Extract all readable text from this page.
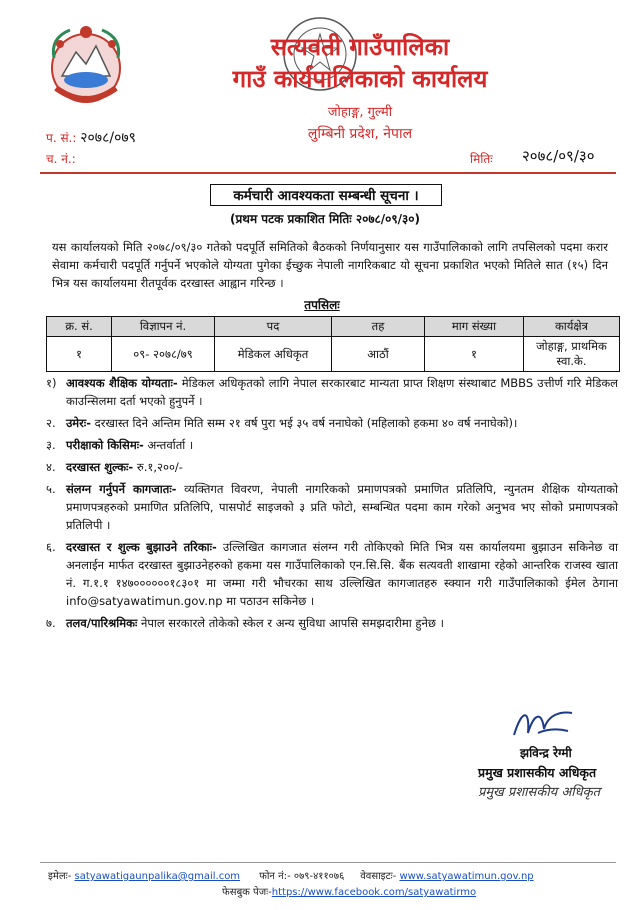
सत्यवती गाउँपालिका
गाउँ कार्यपालिकाको कार्यालय
जोहाङ्ग, गुल्मी
लुम्बिनी प्रदेश, नेपाल
प. सं.: २०७८/०७९
च. नं.:	मितिः २०७८/०९/३०
कर्मचारी आवश्यकता सम्बन्धी सूचना ।
(प्रथम पटक प्रकाशित मितिः २०७८/०९/३०)
यस कार्यालयको मिति २०७८/०९/३० गतेको पदपूर्ति समितिको बैठकको निर्णयानुसार यस गाउँपालिकाको लागि तपसिलको पदमा करार सेवामा कर्मचारी पदपूर्ति गर्नुपर्ने भएकोले योग्यता पुगेका ईच्छुक नेपाली नागरिकबाट यो सूचना प्रकाशित भएको मितिले सात (१५) दिन भित्र यस कार्यालयमा रीतपूर्वक दरखास्त आह्वान गरिन्छ ।
तपसिलः
क्र. सं.	विज्ञापन नं.	पद	तह	माग संख्या	कार्यक्षेत्र
१	०९- २०७८/७९	मेडिकल अधिकृत	आठौं	१	जोहाङ्ग, प्राथमिक स्वा.के.
१) आवश्यक शैक्षिक योग्यताः- मेडिकल अधिकृतको लागि नेपाल सरकारबाट मान्यता प्राप्त शिक्षण संस्थाबाट MBBS उत्तीर्ण गरि मेडिकल काउन्सिलमा दर्ता भएको हुनुपर्ने ।
२. उमेरः- दरखास्त दिने अन्तिम मिति सम्म २१ वर्ष पुरा भई ३५ वर्ष ननाघेको (महिलाको हकमा ४० वर्ष ननाघेको)।
३. परीक्षाको किसिमः- अन्तर्वार्ता ।
४. दरखास्त शुल्कः- रु.१,२००/-
५. संलग्न गर्नुपर्ने कागजातः- व्यक्तिगत विवरण, नेपाली नागरिकको प्रमाणपत्रको प्रमाणित प्रतिलिपि, न्युनतम शैक्षिक योग्यताको प्रमाणपत्रहरुको प्रमाणित प्रतिलिपि, पासपोर्ट साइजको ३ प्रति फोटो, सम्बन्धित पदमा काम गरेको अनुभव भए सोको प्रमाणपत्रको प्रतिलिपी ।
६. दरखास्त र शुल्क बुझाउने तरिकाः- उल्लिखित कागजात संलग्न गरी तोकिएको मिति भित्र यस कार्यालयमा बुझाउन सकिनेछ वा अनलाईन मार्फत दरखास्त बुझाउनेहरुको हकमा यस गाउँपालिकाको एन.सि.सि. बैंक सत्यवती शाखामा रहेको आन्तरिक राजस्व खाता नं. ग.१.१ १४७००००००१८३०१ मा जम्मा गरी भौचरका साथ उल्लिखित कागजातहरु स्क्यान गरी गाउँपालिकाको ईमेल ठेगाना info@satyawatimun.gov.np मा पठाउन सकिनेछ ।
७. तलव/पारिश्रमिकः नेपाल सरकारले तोकेको स्केल र अन्य सुविधा आपसि समझदारीमा हुनेछ ।
झविन्द्र रेग्मी
प्रमुख प्रशासकीय अधिकृत
प्रमुख प्रशासकीय अधिकृत
इमेलः- satyawatigaunpalika@gmail.com फोन नं:- ०७९-४११०७६ वेवसाइटः- www.satyawatimun.gov.np
फेसबुक पेजः-https://www.facebook.com/satyawatirmo
